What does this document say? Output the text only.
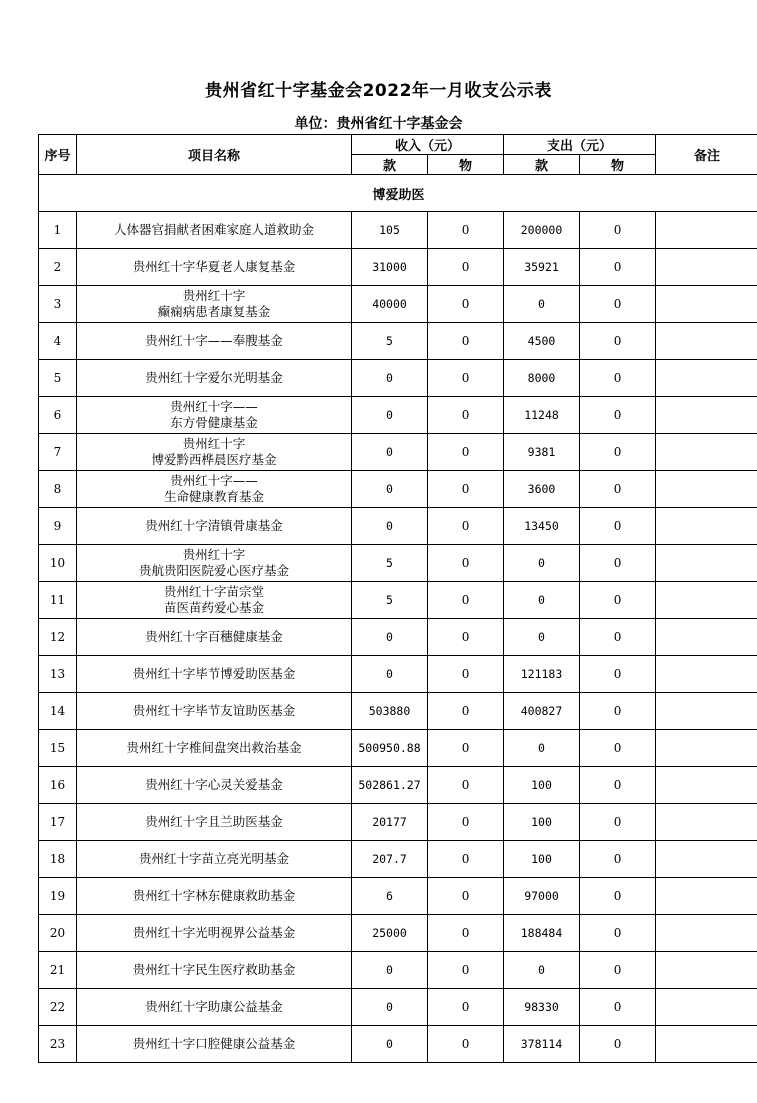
贵州省红十字基金会2022年一月收支公示表
单位：贵州省红十字基金会
序号	项目名称	收入（元）		支出（元）		备注
		款	物	款	物	
博爱助医						
1	人体器官捐献者困难家庭人道救助金	105	0	200000	0	
2	贵州红十字华夏老人康复基金	31000	0	35921	0	
3	贵州红十字
癫痫病患者康复基金	40000	0	0	0	
4	贵州红十字——奉膄基金	5	0	4500	0	
5	贵州红十字爱尔光明基金	0	0	8000	0	
6	贵州红十字——
东方骨健康基金	0	0	11248	0	
7	贵州红十字
博爱黔西桦晨医疗基金	0	0	9381	0	
8	贵州红十字——
生命健康教育基金	0	0	3600	0	
9	贵州红十字清镇骨康基金	0	0	13450	0	
10	贵州红十字
贵航贵阳医院爱心医疗基金	5	0	0	0	
11	贵州红十字苗宗堂
苗医苗药爱心基金	5	0	0	0	
12	贵州红十字百穗健康基金	0	0	0	0	
13	贵州红十字毕节博爱助医基金	0	0	121183	0	
14	贵州红十字毕节友谊助医基金	503880	0	400827	0	
15	贵州红十字椎间盘突出救治基金	500950.88	0	0	0	
16	贵州红十字心灵关爱基金	502861.27	0	100	0	
17	贵州红十字且兰助医基金	20177	0	100	0	
18	贵州红十字苗立亮光明基金	207.7	0	100	0	
19	贵州红十字林东健康救助基金	6	0	97000	0	
20	贵州红十字光明视界公益基金	25000	0	188484	0	
21	贵州红十字民生医疗救助基金	0	0	0	0	
22	贵州红十字助康公益基金	0	0	98330	0	
23	贵州红十字口腔健康公益基金	0	0	378114	0	
